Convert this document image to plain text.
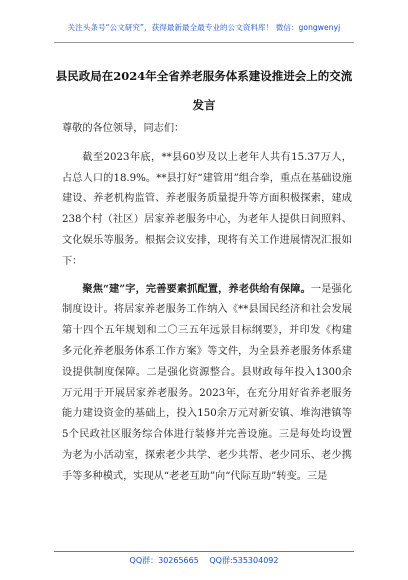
关注头条号“公文研究”，获得最新最全最专业的公文资料库！ 微信：gongwenyj
县民政局在2024年全省养老服务体系建设推进会上的交流
发言

尊敬的各位领导，同志们：

截至2023年底，**县60岁及以上老年人共有15.37万人，占总人口的18.9%。**县打好“建管用”组合拳，重点在基础设施建设、养老机构监管、养老服务质量提升等方面积极探索，建成238个村（社区）居家养老服务中心，为老年人提供日间照料、文化娱乐等服务。根据会议安排，现将有关工作进展情况汇报如下：

聚焦“建”字，完善要素抓配置，养老供给有保障。一是强化制度设计。将居家养老服务工作纳入《**县国民经济和社会发展第十四个五年规划和二〇三五年远景目标纲要》，并印发《构建多元化养老服务体系工作方案》等文件，为全县养老服务体系建设提供制度保障。二是强化资源整合。县财政每年投入1300余万元用于开展居家养老服务。2023年，在充分用好省养老服务能力建设资金的基础上，投入150余万元对新安镇、堆沟港镇等5个民政社区服务综合体进行装修并完善设施。三是每处均设置为老为小活动室，探索老少共学、老少共帮、老少同乐、老少携手等多种模式，实现从“老老互助”向“代际互助”转变。三是

QQ群：30265665 QQ群:535304092
